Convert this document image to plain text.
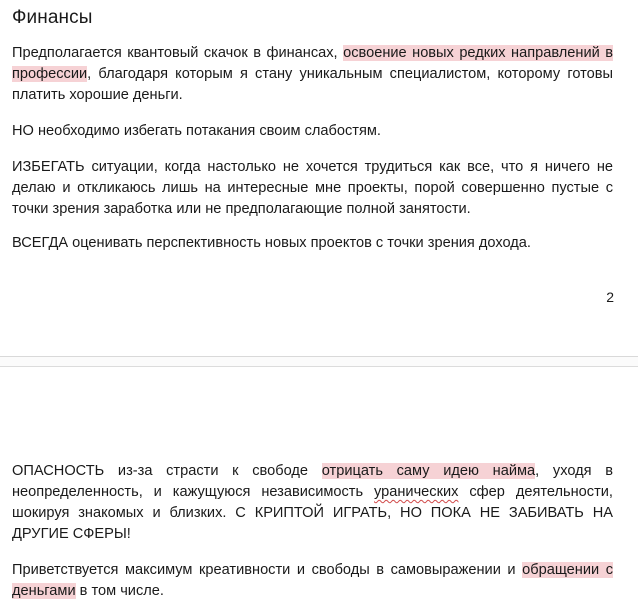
Финансы

Предполагается квантовый скачок в финансах, освоение новых редких направлений в профессии, благодаря которым я стану уникальным специалистом, которому готовы платить хорошие деньги.

НО необходимо избегать потакания своим слабостям.

ИЗБЕГАТЬ ситуации, когда настолько не хочется трудиться как все, что я ничего не делаю и откликаюсь лишь на интересные мне проекты, порой совершенно пустые с точки зрения заработка или не предполагающие полной занятости.

ВСЕГДА оценивать перспективность новых проектов с точки зрения дохода.

2

ОПАСНОСТЬ из-за страсти к свободе отрицать саму идею найма, уходя в неопределенность, и кажущуюся независимость уранических сфер деятельности, шокируя знакомых и близких. С КРИПТОЙ ИГРАТЬ, НО ПОКА НЕ ЗАБИВАТЬ НА ДРУГИЕ СФЕРЫ!

Приветствуется максимум креативности и свободы в самовыражении и обращении с деньгами в том числе.
